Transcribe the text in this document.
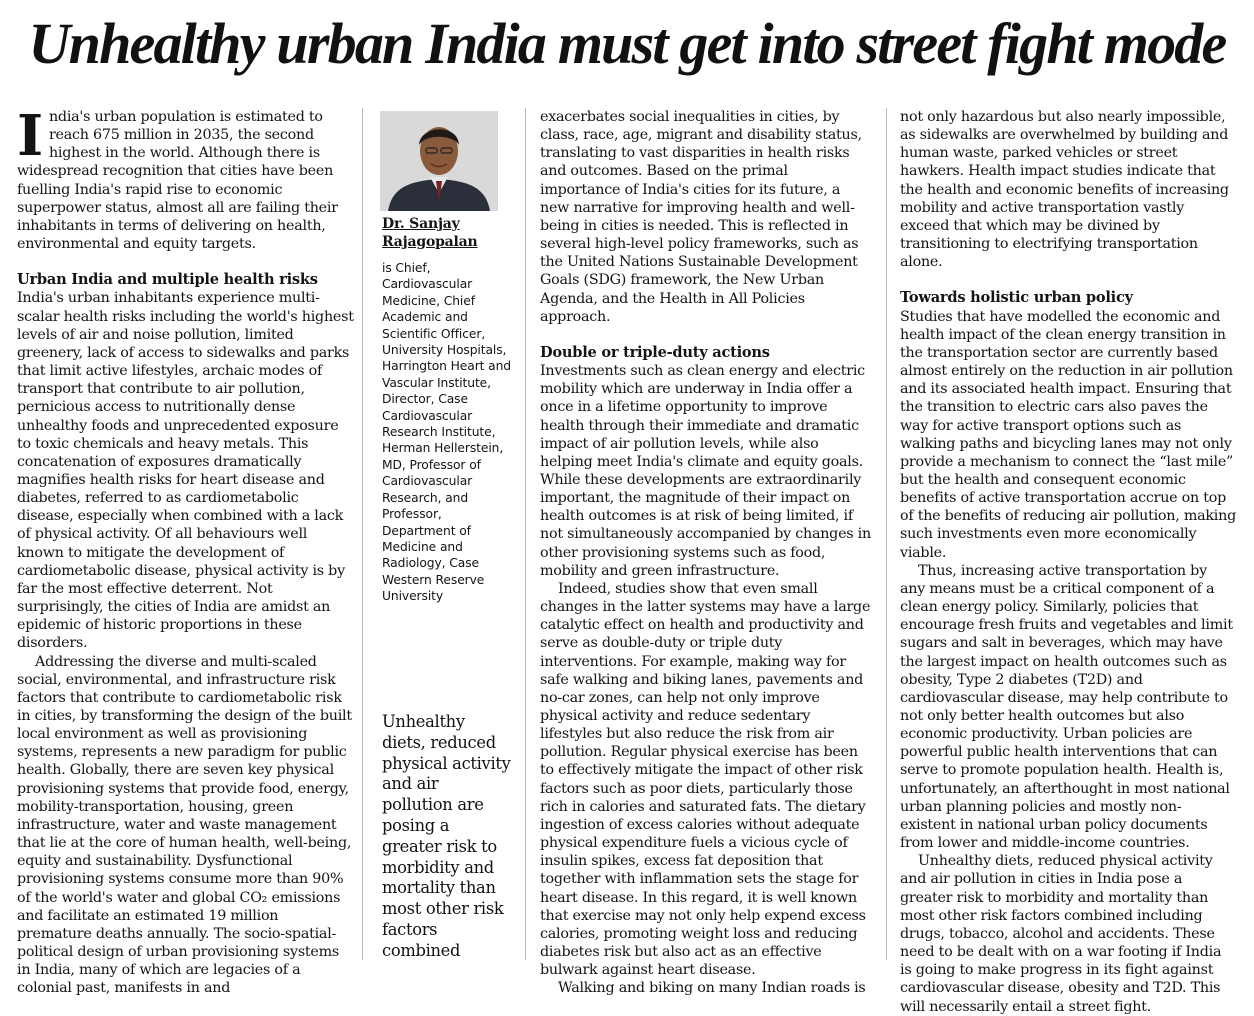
Unhealthy urban India must get into street fight mode

India's urban population is estimated to reach 675 million in 2035, the second highest in the world. Although there is widespread recognition that cities have been fuelling India's rapid rise to economic superpower status, almost all are failing their inhabitants in terms of delivering on health, environmental and equity targets.

Urban India and multiple health risks

India's urban inhabitants experience multi-scalar health risks including the world's highest levels of air and noise pollution, limited greenery, lack of access to sidewalks and parks that limit active lifestyles, archaic modes of transport that contribute to air pollution, pernicious access to nutritionally dense unhealthy foods and unprecedented exposure to toxic chemicals and heavy metals. This concatenation of exposures dramatically magnifies health risks for heart disease and diabetes, referred to as cardiometabolic disease, especially when combined with a lack of physical activity. Of all behaviours well known to mitigate the development of cardiometabolic disease, physical activity is by far the most effective deterrent. Not surprisingly, the cities of India are amidst an epidemic of historic proportions in these disorders.

Addressing the diverse and multi-scaled social, environmental, and infrastructure risk factors that contribute to cardiometabolic risk in cities, by transforming the design of the built local environment as well as provisioning systems, represents a new paradigm for public health. Globally, there are seven key physical provisioning systems that provide food, energy, mobility-transportation, housing, green infrastructure, water and waste management that lie at the core of human health, well-being, equity and sustainability. Dysfunctional provisioning systems consume more than 90% of the world's water and global CO₂ emissions and facilitate an estimated 19 million premature deaths annually. The socio-spatial-political design of urban provisioning systems in India, many of which are legacies of a colonial past, manifests in and

Dr. Sanjay Rajagopalan
is Chief, Cardiovascular Medicine, Chief Academic and Scientific Officer, University Hospitals, Harrington Heart and Vascular Institute, Director, Case Cardiovascular Research Institute, Herman Hellerstein, MD, Professor of Cardiovascular Research, and Professor, Department of Medicine and Radiology, Case Western Reserve University
Unhealthy diets, reduced physical activity and air pollution are posing a greater risk to morbidity and mortality than most other risk factors combined

exacerbates social inequalities in cities, by class, race, age, migrant and disability status, translating to vast disparities in health risks and outcomes. Based on the primal importance of India's cities for its future, a new narrative for improving health and well-being in cities is needed. This is reflected in several high-level policy frameworks, such as the United Nations Sustainable Development Goals (SDG) framework, the New Urban Agenda, and the Health in All Policies approach.

Double or triple-duty actions

Investments such as clean energy and electric mobility which are underway in India offer a once in a lifetime opportunity to improve health through their immediate and dramatic impact of air pollution levels, while also helping meet India's climate and equity goals. While these developments are extraordinarily important, the magnitude of their impact on health outcomes is at risk of being limited, if not simultaneously accompanied by changes in other provisioning systems such as food, mobility and green infrastructure.

Indeed, studies show that even small changes in the latter systems may have a large catalytic effect on health and productivity and serve as double-duty or triple duty interventions. For example, making way for safe walking and biking lanes, pavements and no-car zones, can help not only improve physical activity and reduce sedentary lifestyles but also reduce the risk from air pollution. Regular physical exercise has been to effectively mitigate the impact of other risk factors such as poor diets, particularly those rich in calories and saturated fats. The dietary ingestion of excess calories without adequate physical expenditure fuels a vicious cycle of insulin spikes, excess fat deposition that together with inflammation sets the stage for heart disease. In this regard, it is well known that exercise may not only help expend excess calories, promoting weight loss and reducing diabetes risk but also act as an effective bulwark against heart disease.

Walking and biking on many Indian roads is

not only hazardous but also nearly impossible, as sidewalks are overwhelmed by building and human waste, parked vehicles or street hawkers. Health impact studies indicate that the health and economic benefits of increasing mobility and active transportation vastly exceed that which may be divined by transitioning to electrifying transportation alone.

Towards holistic urban policy

Studies that have modelled the economic and health impact of the clean energy transition in the transportation sector are currently based almost entirely on the reduction in air pollution and its associated health impact. Ensuring that the transition to electric cars also paves the way for active transport options such as walking paths and bicycling lanes may not only provide a mechanism to connect the “last mile” but the health and consequent economic benefits of active transportation accrue on top of the benefits of reducing air pollution, making such investments even more economically viable.

Thus, increasing active transportation by any means must be a critical component of a clean energy policy. Similarly, policies that encourage fresh fruits and vegetables and limit sugars and salt in beverages, which may have the largest impact on health outcomes such as obesity, Type 2 diabetes (T2D) and cardiovascular disease, may help contribute to not only better health outcomes but also economic productivity. Urban policies are powerful public health interventions that can serve to promote population health. Health is, unfortunately, an afterthought in most national urban planning policies and mostly non-existent in national urban policy documents from lower and middle-income countries.

Unhealthy diets, reduced physical activity and air pollution in cities in India pose a greater risk to morbidity and mortality than most other risk factors combined including drugs, tobacco, alcohol and accidents. These need to be dealt with on a war footing if India is going to make progress in its fight against cardiovascular disease, obesity and T2D. This will necessarily entail a street fight.
